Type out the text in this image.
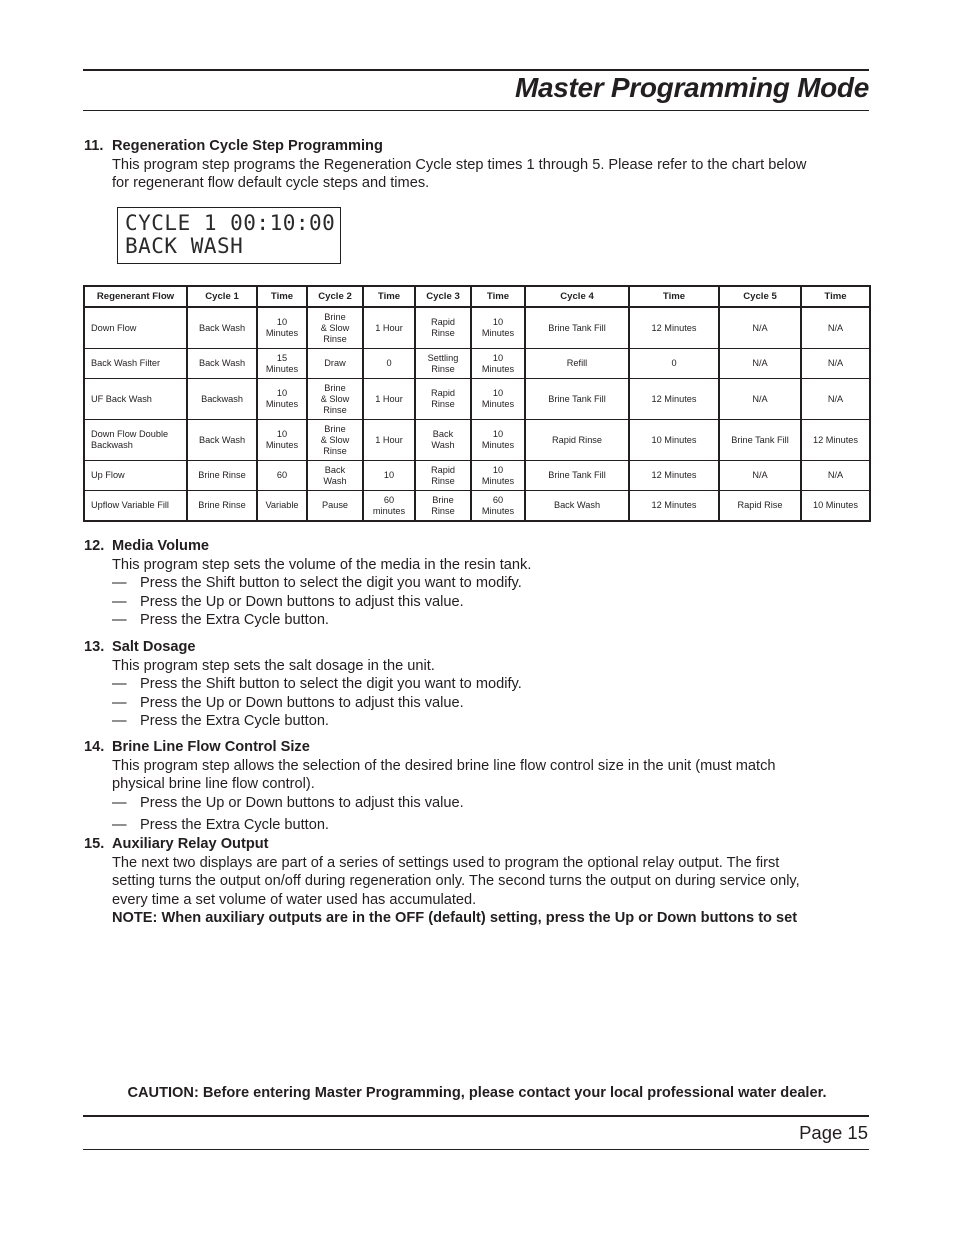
Master Programming Mode
11. Regeneration Cycle Step Programming
This program step programs the Regeneration Cycle step times 1 through 5. Please refer to the chart below
for regenerant flow default cycle steps and times.
CYCLE 1 00:10:00
BACK WASH
Regenerant Flow	Cycle 1	Time	Cycle 2	Time	Cycle 3	Time	Cycle 4	Time	Cycle 5	Time
Down Flow	Back Wash	10
Minutes	Brine
& Slow
Rinse	1 Hour	Rapid
Rinse	10
Minutes	Brine Tank Fill	12 Minutes	N/A	N/A
Back Wash Filter	Back Wash	15
Minutes	Draw	0	Settling
Rinse	10
Minutes	Refill	0	N/A	N/A
UF Back Wash	Backwash	10
Minutes	Brine
& Slow
Rinse	1 Hour	Rapid
Rinse	10
Minutes	Brine Tank Fill	12 Minutes	N/A	N/A
Down Flow Double
Backwash	Back Wash	10
Minutes	Brine
& Slow
Rinse	1 Hour	Back
Wash	10
Minutes	Rapid Rinse	10 Minutes	Brine Tank Fill	12 Minutes
Up Flow	Brine Rinse	60	Back
Wash	10	Rapid
Rinse	10
Minutes	Brine Tank Fill	12 Minutes	N/A	N/A
Upflow Variable Fill	Brine Rinse	Variable	Pause	60
minutes	Brine
Rinse	60
Minutes	Back Wash	12 Minutes	Rapid Rise	10 Minutes
12. Media Volume
This program step sets the volume of the media in the resin tank.
— Press the Shift button to select the digit you want to modify.
— Press the Up or Down buttons to adjust this value.
— Press the Extra Cycle button.
13. Salt Dosage
This program step sets the salt dosage in the unit.
— Press the Shift button to select the digit you want to modify.
— Press the Up or Down buttons to adjust this value.
— Press the Extra Cycle button.
14. Brine Line Flow Control Size
This program step allows the selection of the desired brine line flow control size in the unit (must match
physical brine line flow control).
— Press the Up or Down buttons to adjust this value.
— Press the Extra Cycle button.
15. Auxiliary Relay Output
The next two displays are part of a series of settings used to program the optional relay output. The first
setting turns the output on/off during regeneration only. The second turns the output on during service only,
every time a set volume of water used has accumulated.
NOTE: When auxiliary outputs are in the OFF (default) setting, press the Up or Down buttons to set
CAUTION: Before entering Master Programming, please contact your local professional water dealer.
Page 15
